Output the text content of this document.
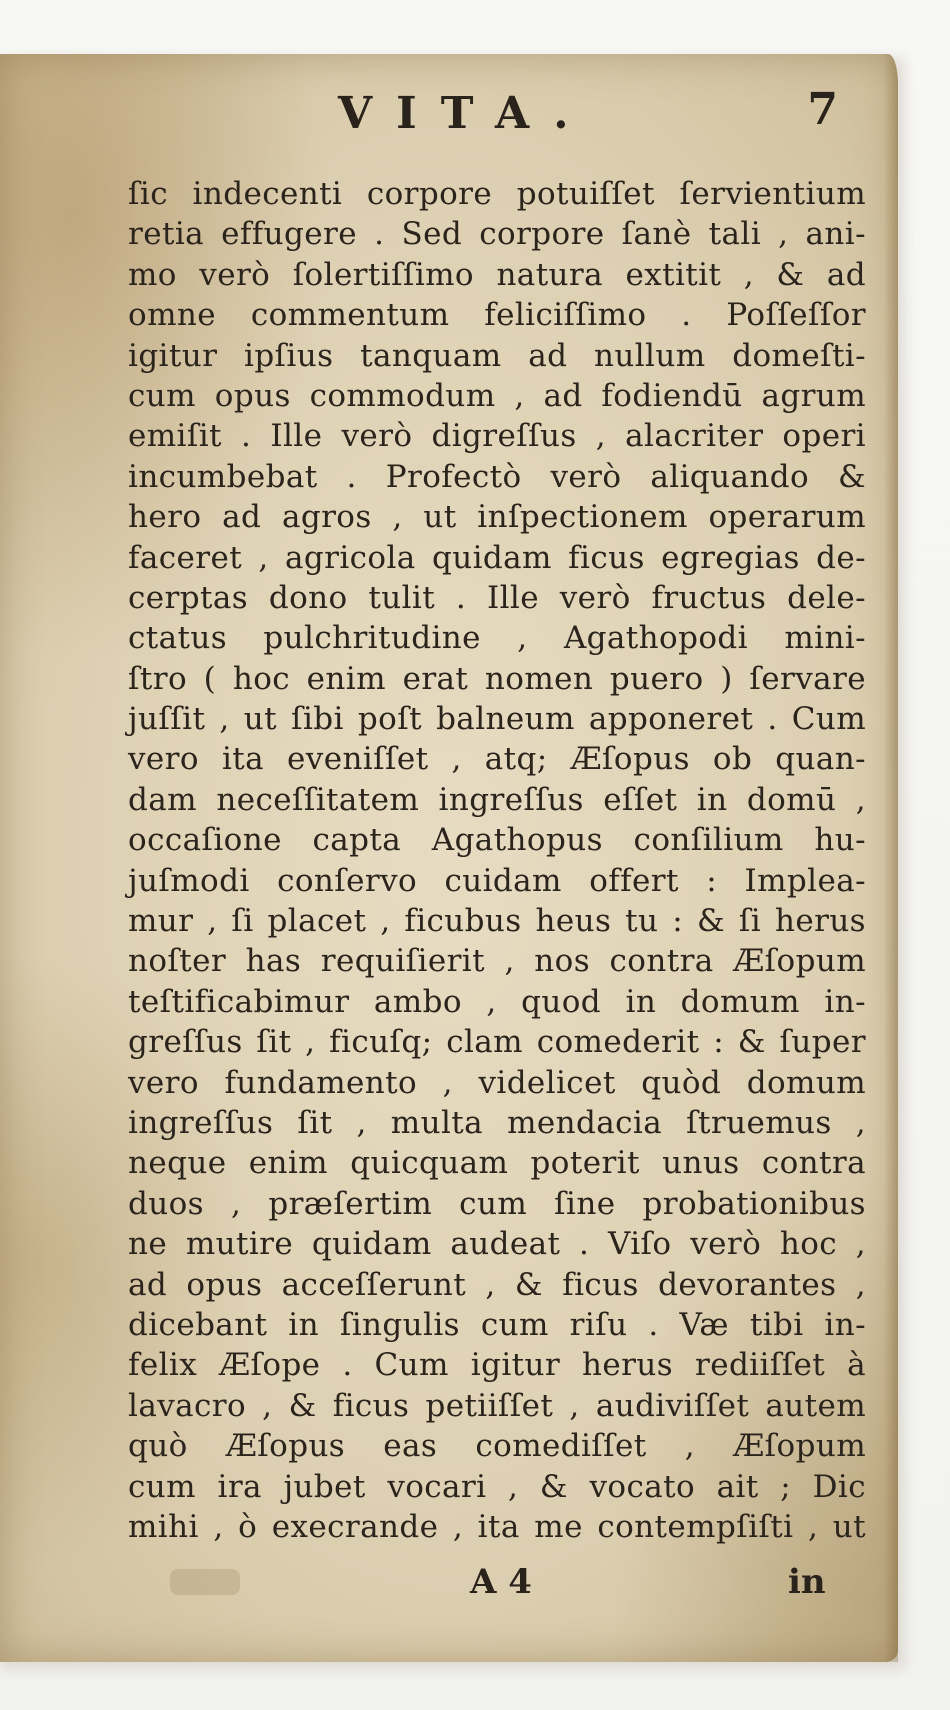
VITA.	7
ſic indecenti corpore potuiſſet ſervientium
retia effugere . Sed corpore ſanè tali , ani-
mo verò ſolertiſſimo natura extitit , & ad
omne commentum feliciſſimo . Poſſeſſor
igitur ipſius tanquam ad nullum domeſti-
cum opus commodum , ad fodiendū agrum
emiſit . Ille verò digreſſus , alacriter operi
incumbebat . Profectò verò aliquando &
hero ad agros , ut inſpectionem operarum
faceret , agricola quidam ficus egregias de-
cerptas dono tulit . Ille verò fructus dele-
ctatus pulchritudine , Agathopodi mini-
ſtro ( hoc enim erat nomen puero ) ſervare
juſſit , ut ſibi poſt balneum apponeret . Cum
vero ita eveniſſet , atq; Æſopus ob quan-
dam neceſſitatem ingreſſus eſſet in domū ,
occaſione capta Agathopus conſilium hu-
juſmodi conſervo cuidam offert : Implea-
mur , ſi placet , ficubus heus tu : & ſi herus
noſter has requiſierit , nos contra Æſopum
teſtificabimur ambo , quod in domum in-
greſſus ſit , ficuſq; clam comederit : & ſuper
vero fundamento , videlicet quòd domum
ingreſſus ſit , multa mendacia ſtruemus ,
neque enim quicquam poterit unus contra
duos , præſertim cum ſine probationibus
ne mutire quidam audeat . Viſo verò hoc ,
ad opus acceſſerunt , & ficus devorantes ,
dicebant in ſingulis cum riſu . Væ tibi in-
felix Æſope . Cum igitur herus rediiſſet à
lavacro , & ficus petiiſſet , audiviſſet autem
quò Æſopus eas comediſſet , Æſopum
cum ira jubet vocari , & vocato ait ; Dic
mihi , ò execrande , ita me contempſiſti , ut
A 4	in
